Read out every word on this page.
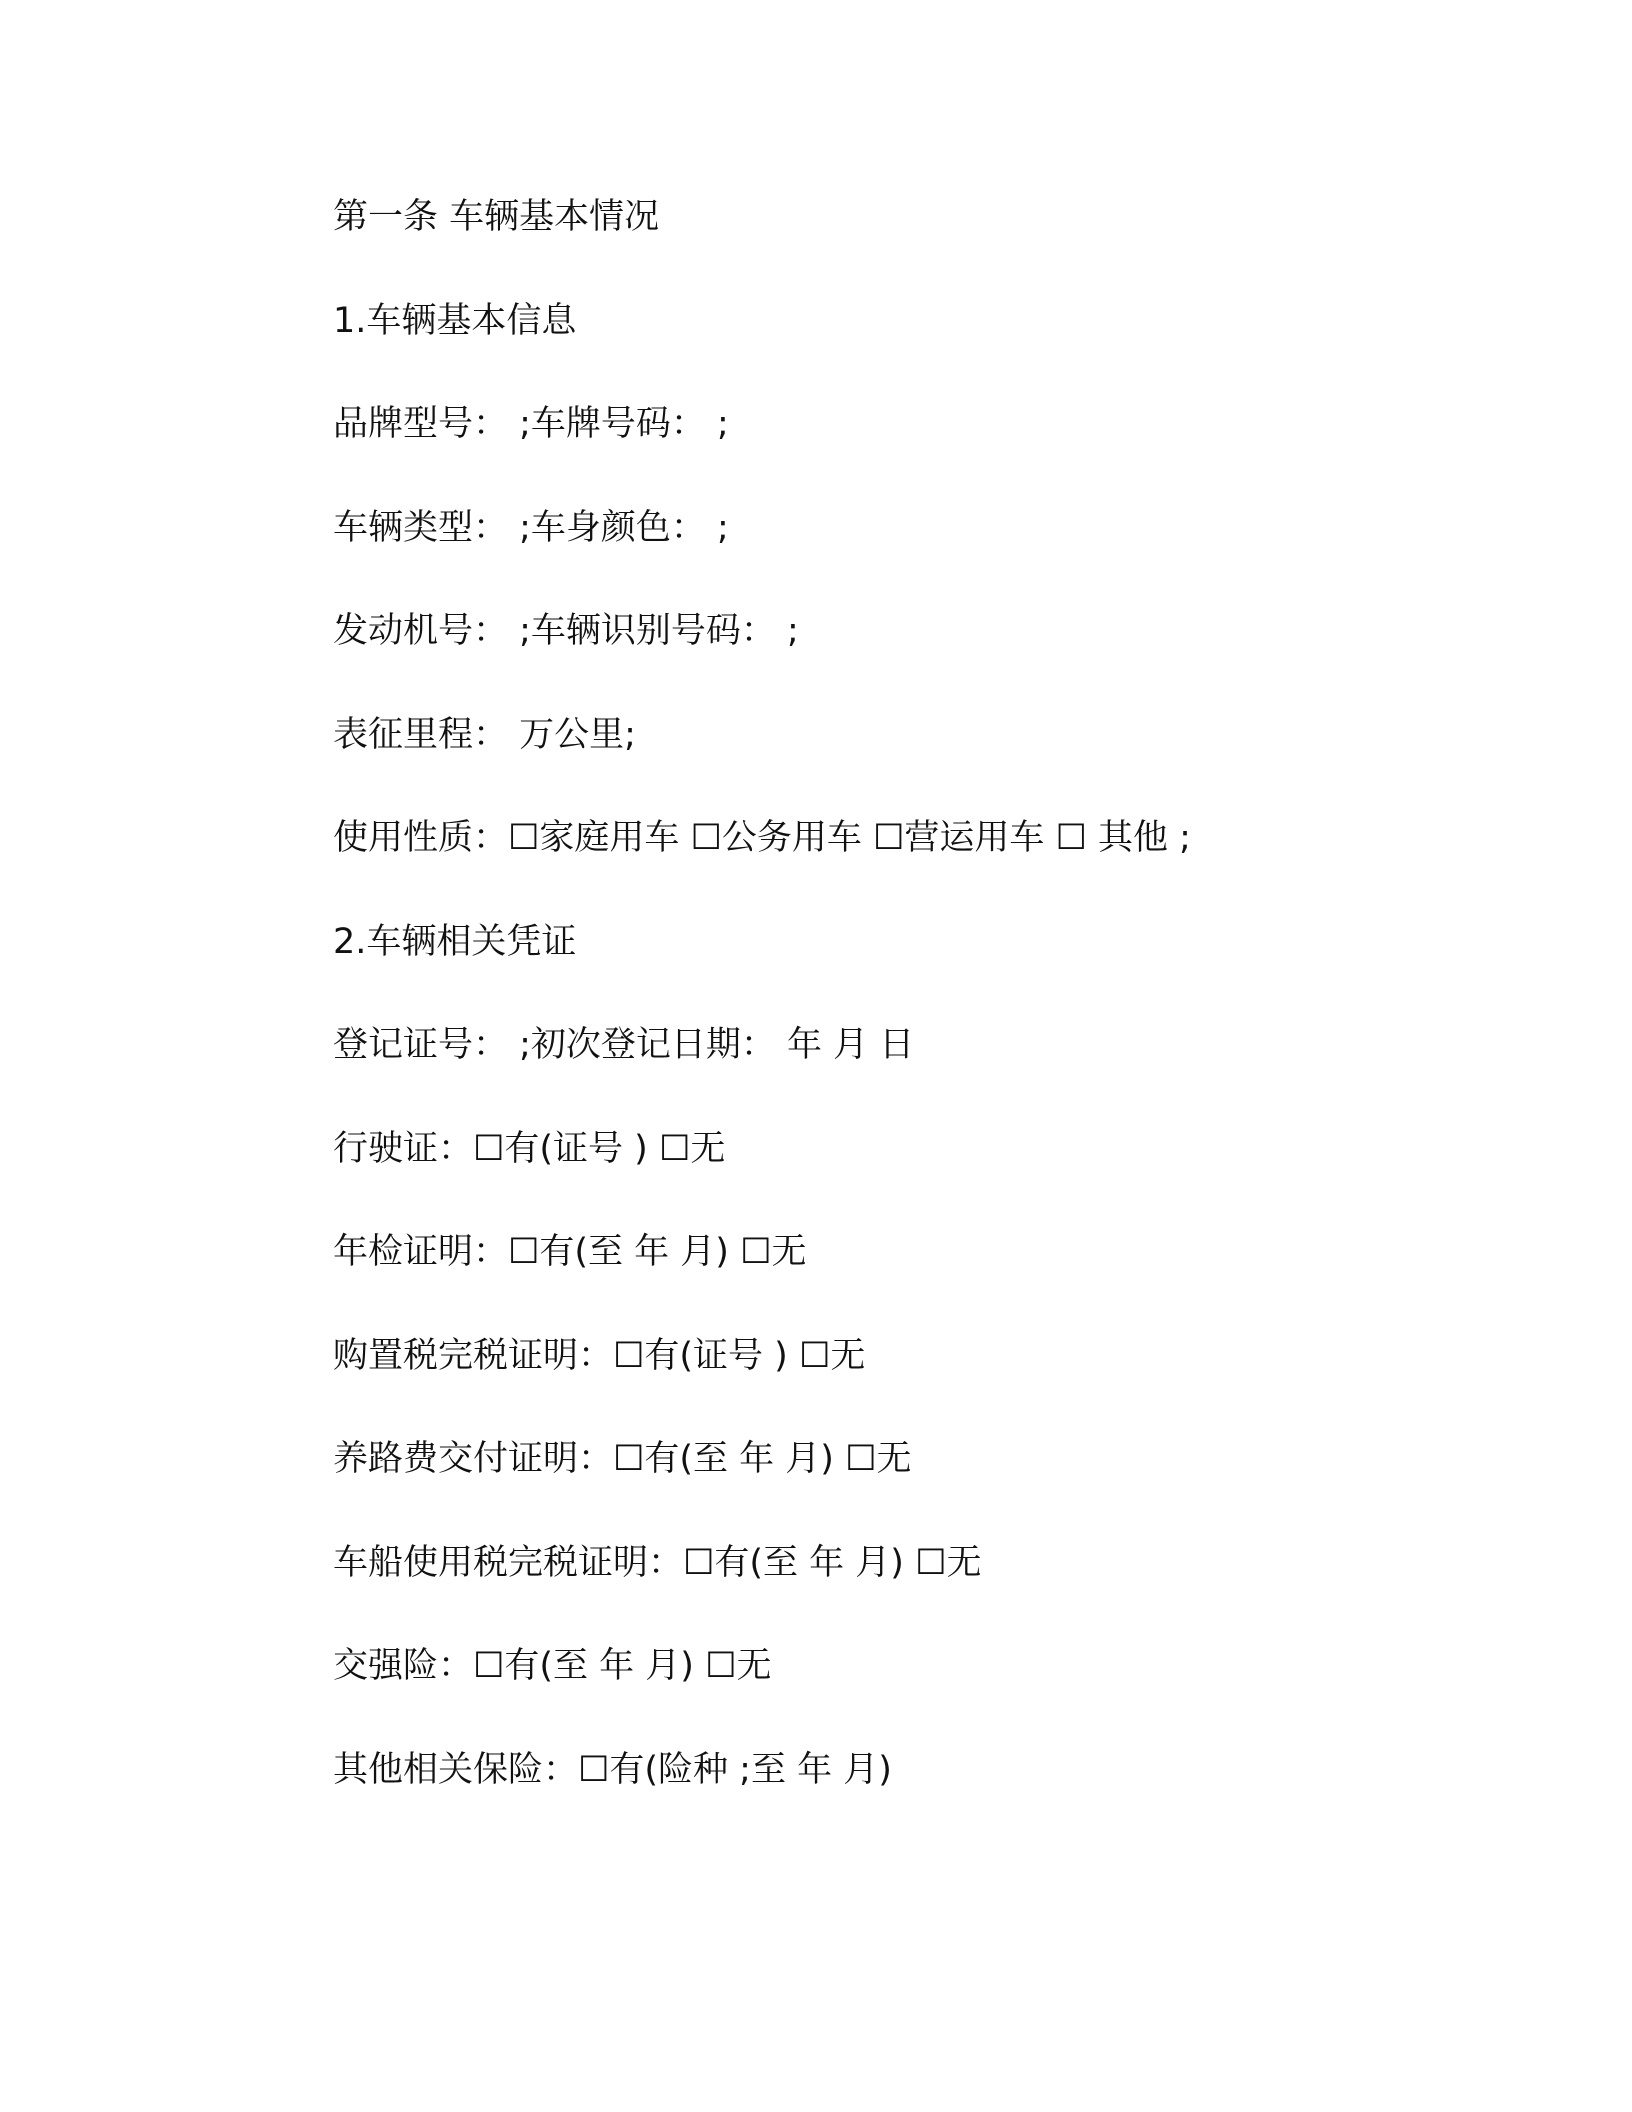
第一条 车辆基本情况
1.车辆基本信息
品牌型号： ;车牌号码： ;
车辆类型： ;车身颜色： ;
发动机号： ;车辆识别号码： ;
表征里程： 万公里;
使用性质：☐家庭用车 ☐公务用车 ☐营运用车 ☐ 其他 ;
2.车辆相关凭证
登记证号： ;初次登记日期： 年 月 日
行驶证：☐有(证号 ) ☐无
年检证明：☐有(至 年 月) ☐无
购置税完税证明：☐有(证号 ) ☐无
养路费交付证明：☐有(至 年 月) ☐无
车船使用税完税证明：☐有(至 年 月) ☐无
交强险：☐有(至 年 月) ☐无
其他相关保险：☐有(险种 ;至 年 月)
